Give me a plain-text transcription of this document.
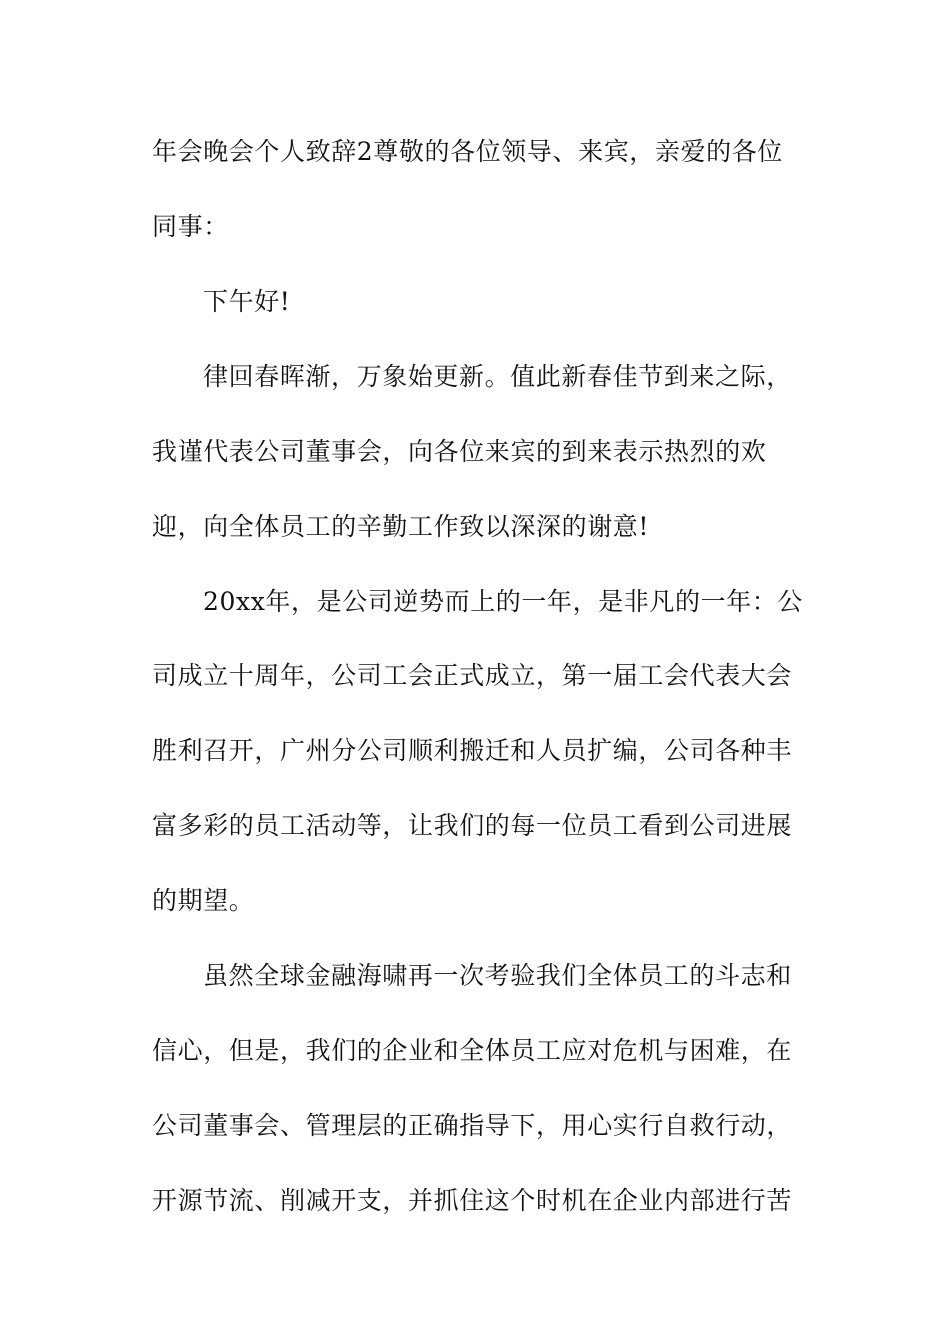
年会晚会个人致辞2尊敬的各位领导、来宾，亲爱的各位
同事：
下午好!
律回春晖渐，万象始更新。值此新春佳节到来之际，
我谨代表公司董事会，向各位来宾的到来表示热烈的欢
迎，向全体员工的辛勤工作致以深深的谢意!
20xx年，是公司逆势而上的一年，是非凡的一年：公
司成立十周年，公司工会正式成立，第一届工会代表大会
胜利召开，广州分公司顺利搬迁和人员扩编，公司各种丰
富多彩的员工活动等，让我们的每一位员工看到公司进展
的期望。
虽然全球金融海啸再一次考验我们全体员工的斗志和
信心，但是，我们的企业和全体员工应对危机与困难，在
公司董事会、管理层的正确指导下，用心实行自救行动，
开源节流、削减开支，并抓住这个时机在企业内部进行苦
